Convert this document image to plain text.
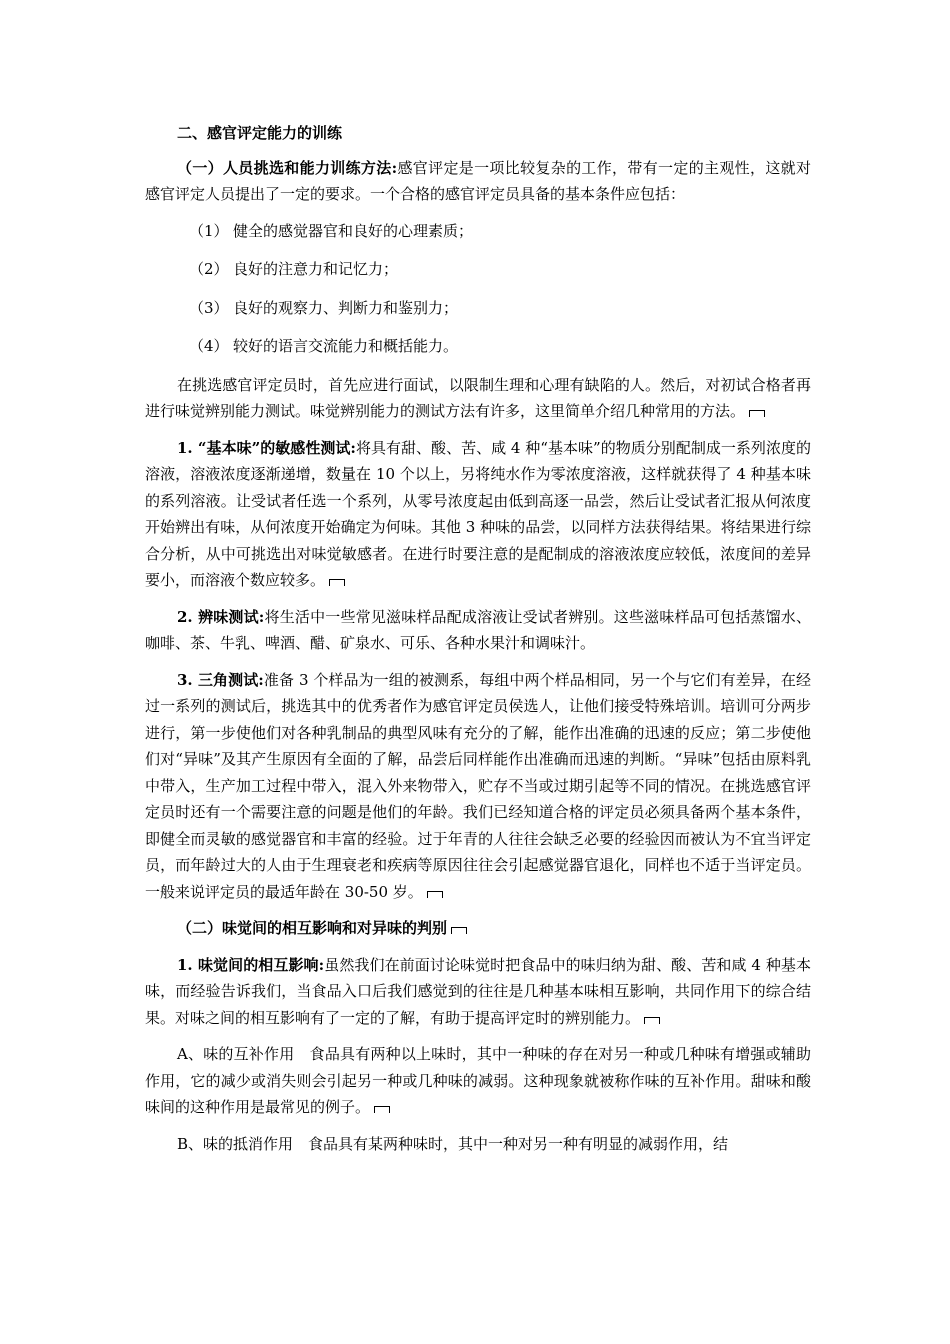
二、感官评定能力的训练

（一）人员挑选和能力训练方法:感官评定是一项比较复杂的工作，带有一定的主观性，这就对感官评定人员提出了一定的要求。一个合格的感官评定员具备的基本条件应包括：

（1） 健全的感觉器官和良好的心理素质；

（2） 良好的注意力和记忆力；

（3） 良好的观察力、判断力和鉴别力；

（4） 较好的语言交流能力和概括能力。

在挑选感官评定员时，首先应进行面试，以限制生理和心理有缺陷的人。然后，对初试合格者再进行味觉辨别能力测试。味觉辨别能力的测试方法有许多，这里简单介绍几种常用的方法。

1. “基本味”的敏感性测试:将具有甜、酸、苦、咸 4 种“基本味”的物质分别配制成一系列浓度的溶液，溶液浓度逐渐递增，数量在 10 个以上，另将纯水作为零浓度溶液，这样就获得了 4 种基本味的系列溶液。让受试者任选一个系列，从零号浓度起由低到高逐一品尝，然后让受试者汇报从何浓度开始辨出有味，从何浓度开始确定为何味。其他 3 种味的品尝，以同样方法获得结果。将结果进行综合分析，从中可挑选出对味觉敏感者。在进行时要注意的是配制成的溶液浓度应较低，浓度间的差异要小，而溶液个数应较多。

2. 辨味测试:将生活中一些常见滋味样品配成溶液让受试者辨别。这些滋味样品可包括蒸馏水、咖啡、茶、牛乳、啤酒、醋、矿泉水、可乐、各种水果汁和调味汁。

3. 三角测试:准备 3 个样品为一组的被测系，每组中两个样品相同，另一个与它们有差异，在经过一系列的测试后，挑选其中的优秀者作为感官评定员侯选人，让他们接受特殊培训。培训可分两步进行，第一步使他们对各种乳制品的典型风味有充分的了解，能作出准确的迅速的反应；第二步使他们对“异味”及其产生原因有全面的了解，品尝后同样能作出准确而迅速的判断。“异味”包括由原料乳中带入，生产加工过程中带入，混入外来物带入，贮存不当或过期引起等不同的情况。在挑选感官评定员时还有一个需要注意的问题是他们的年龄。我们已经知道合格的评定员必须具备两个基本条件，即健全而灵敏的感觉器官和丰富的经验。过于年青的人往往会缺乏必要的经验因而被认为不宜当评定员，而年龄过大的人由于生理衰老和疾病等原因往往会引起感觉器官退化，同样也不适于当评定员。一般来说评定员的最适年龄在 30-50 岁。

（二）味觉间的相互影响和对异味的判别

1. 味觉间的相互影响:虽然我们在前面讨论味觉时把食品中的味归纳为甜、酸、苦和咸 4 种基本味，而经验告诉我们，当食品入口后我们感觉到的往往是几种基本味相互影响，共同作用下的综合结果。对味之间的相互影响有了一定的了解，有助于提高评定时的辨别能力。

A、味的互补作用　食品具有两种以上味时，其中一种味的存在对另一种或几种味有增强或辅助作用，它的减少或消失则会引起另一种或几种味的减弱。这种现象就被称作味的互补作用。甜味和酸味间的这种作用是最常见的例子。

B、味的抵消作用　食品具有某两种味时，其中一种对另一种有明显的减弱作用，结
